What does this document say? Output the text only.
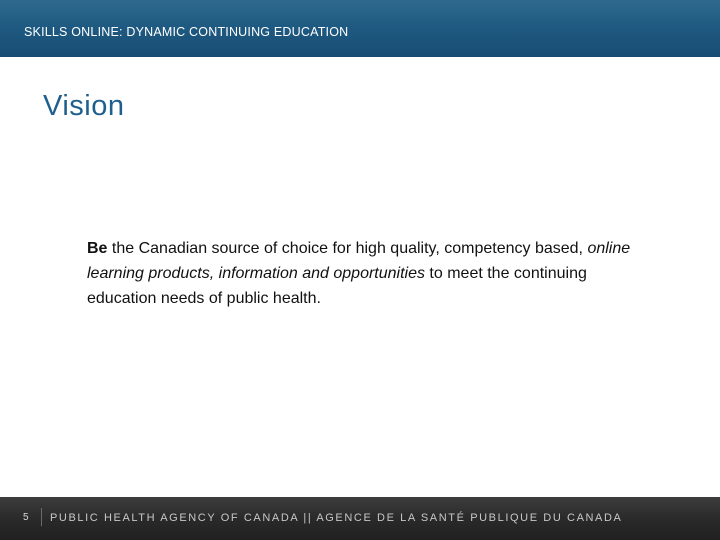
SKILLS ONLINE: DYNAMIC CONTINUING EDUCATION
Vision
Be the Canadian source of choice for high quality, competency based, online learning products, information and opportunities to meet the continuing education needs of public health.
5 PUBLIC HEALTH AGENCY OF CANADA || AGENCE DE LA SANTÉ PUBLIQUE DU CANADA
